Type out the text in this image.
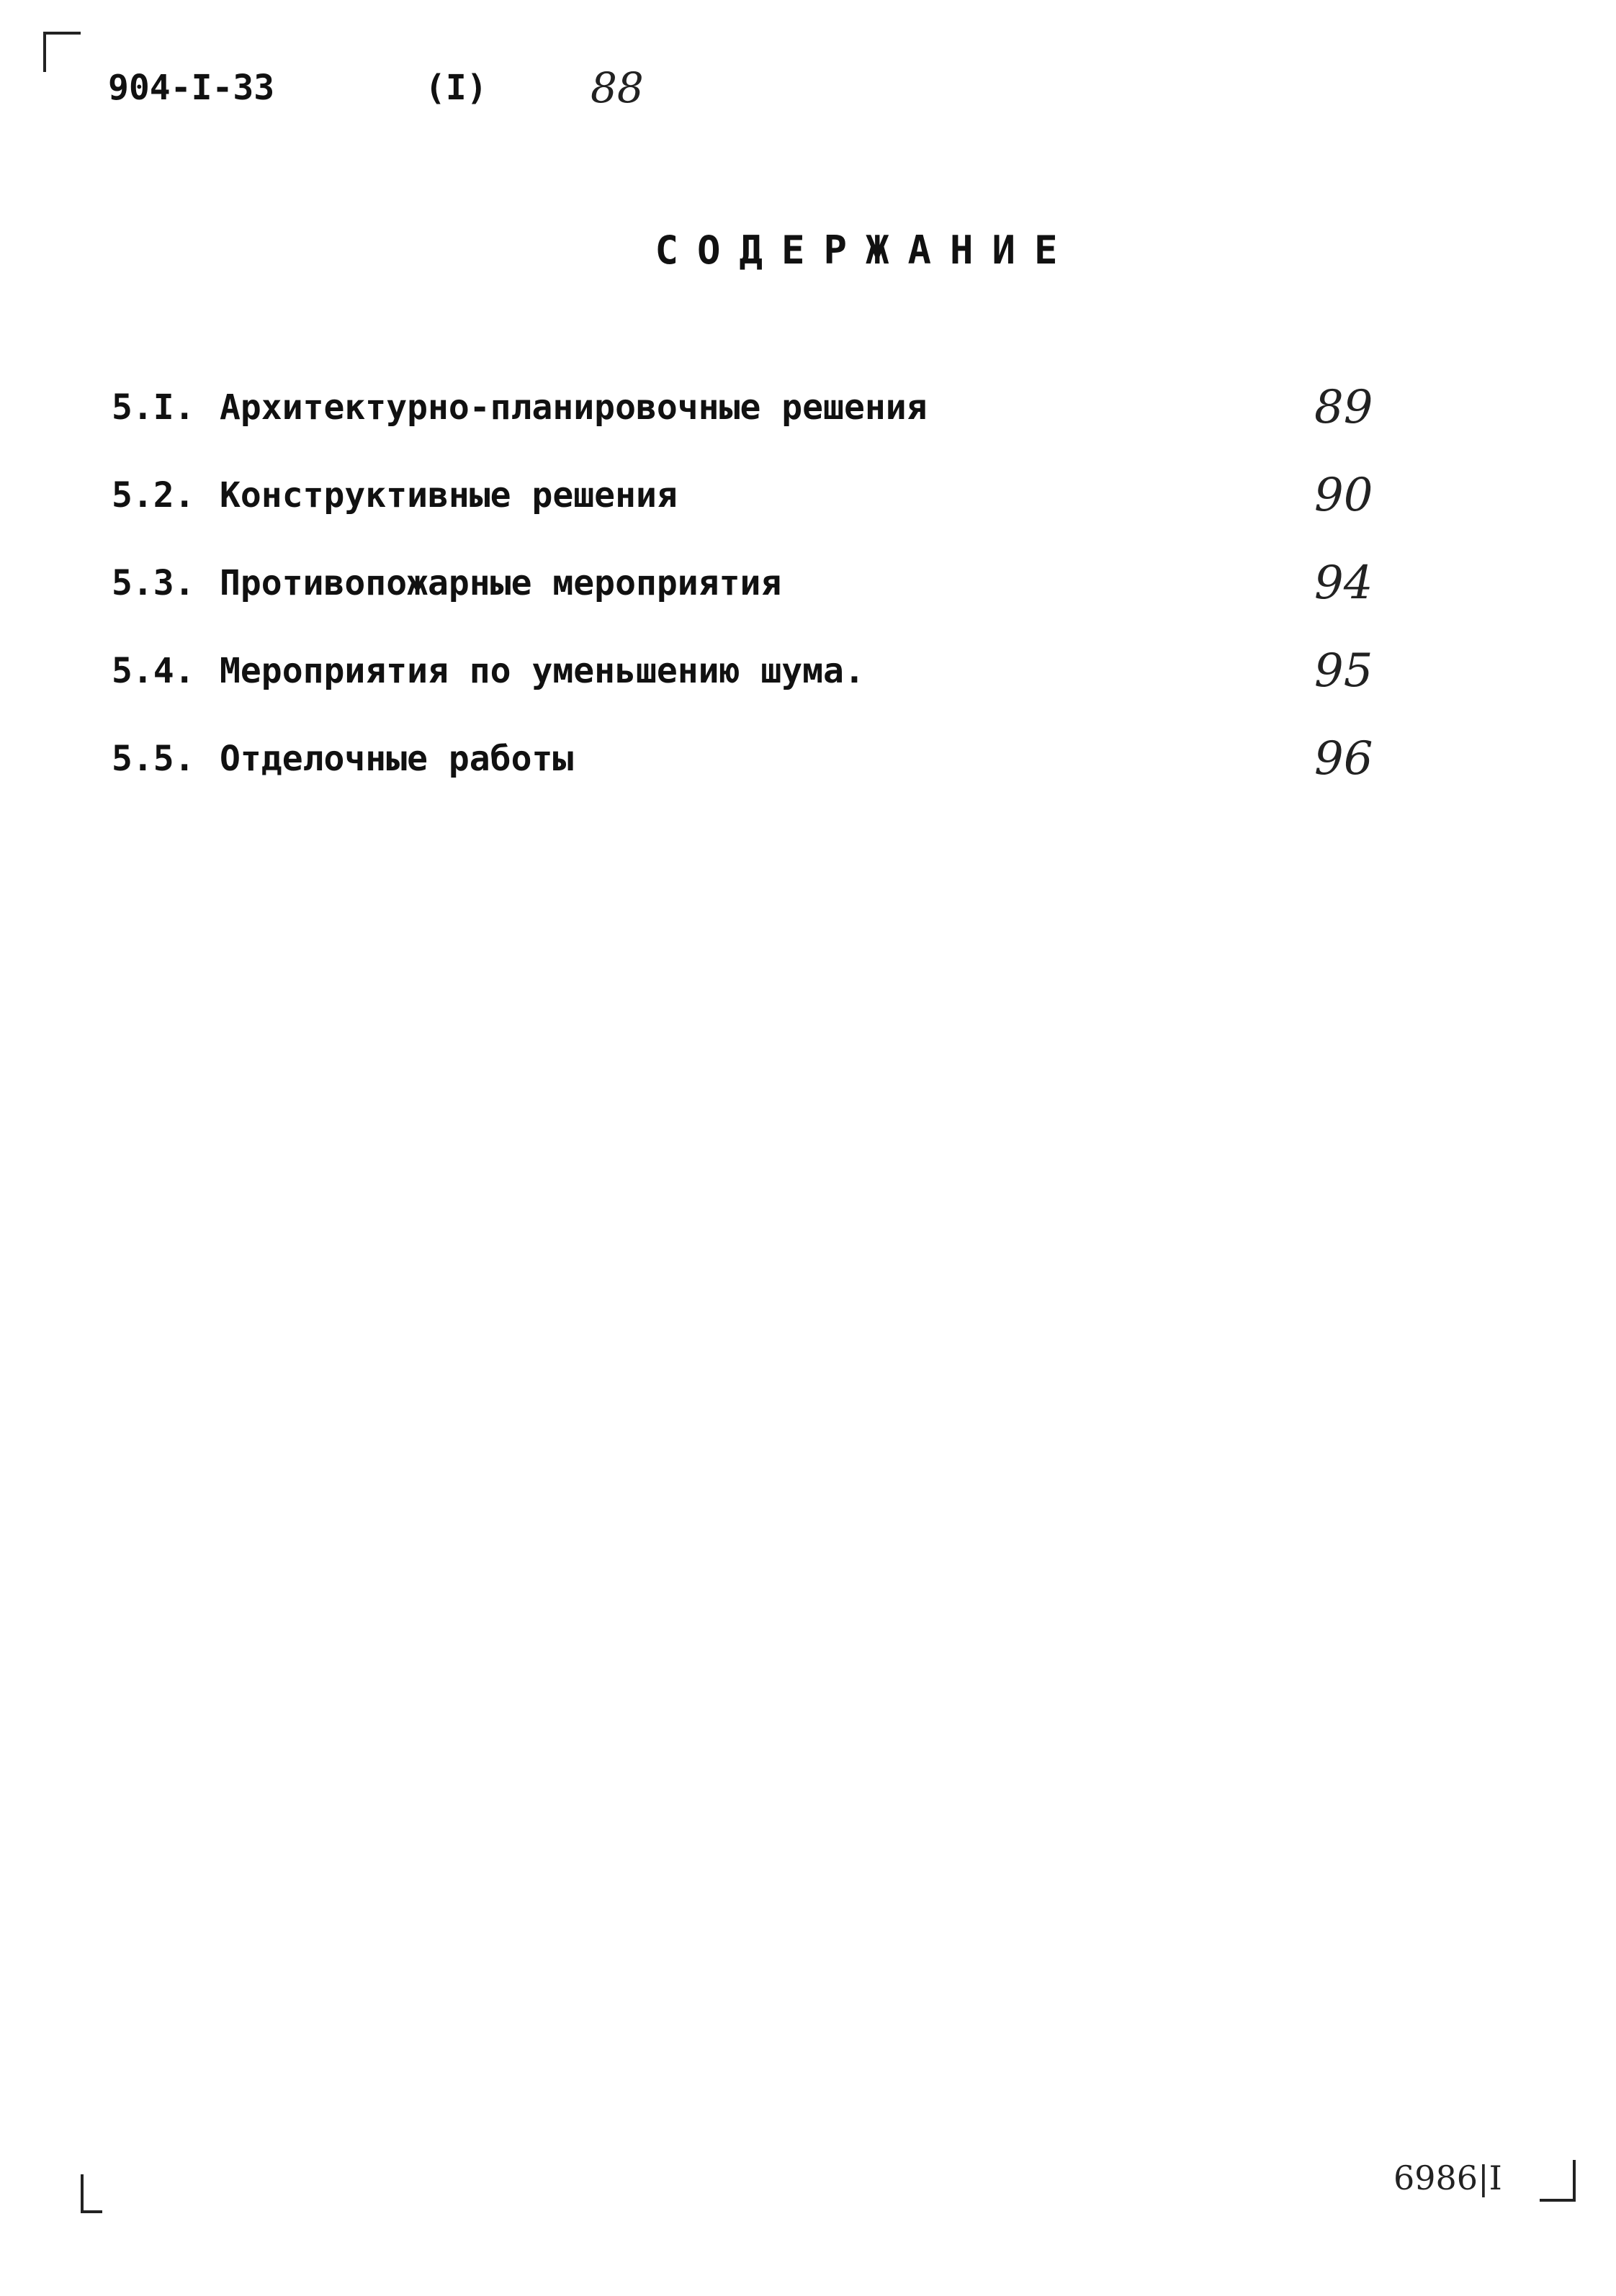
904-I-33	(I)	88
СОДЕРЖАНИЕ
5.I. Архитектурно-планировочные решения	89
5.2. Конструктивные решения	90
5.3. Противопожарные мероприятия	94
5.4. Мероприятия по уменьшению шума.	95
5.5. Отделочные работы	96
6986|I
